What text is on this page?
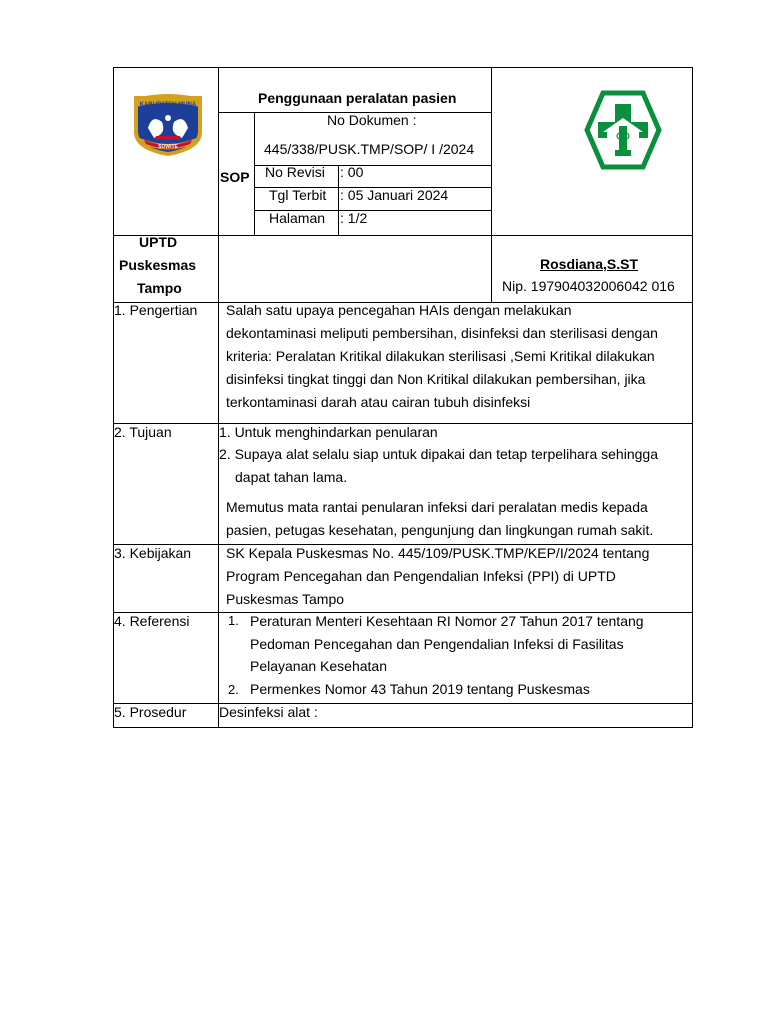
KABUPATEN MUNA
SOWITE
Penggunaan peralatan pasien
SOP
No Dokumen :
445/338/PUSK.TMP/SOP/ I /2024
No Revisi : 00
Tgl Terbit : 05 Januari 2024
Halaman : 1/2
UPTD
Puskesmas
Tampo
Rosdiana,S.ST
Nip. 197904032006042 016
1. Pengertian Salah satu upaya pencegahan HAIs dengan melakukan
dekontaminasi meliputi pembersihan, disinfeksi dan sterilisasi dengan
kriteria: Peralatan Kritikal dilakukan sterilisasi ,Semi Kritikal dilakukan
disinfeksi tingkat tinggi dan Non Kritikal dilakukan pembersihan, jika
terkontaminasi darah atau cairan tubuh disinfeksi
2. Tujuan	1. Untuk menghindarkan penularan
2. Supaya alat selalu siap untuk dipakai dan tetap terpelihara sehingga
dapat tahan lama.
Memutus mata rantai penularan infeksi dari peralatan medis kepada
pasien, petugas kesehatan, pengunjung dan lingkungan rumah sakit.
3. Kebijakan SK Kepala Puskesmas No. 445/109/PUSK.TMP/KEP/I/2024 tentang
Program Pencegahan dan Pengendalian Infeksi (PPI) di UPTD
Puskesmas Tampo
4. Referensi	1. Peraturan Menteri Kesehtaan RI Nomor 27 Tahun 2017 tentang
Pedoman Pencegahan dan Pengendalian Infeksi di Fasilitas
Pelayanan Kesehatan
2. Permenkes Nomor 43 Tahun 2019 tentang Puskesmas
5. Prosedur Desinfeksi alat :
